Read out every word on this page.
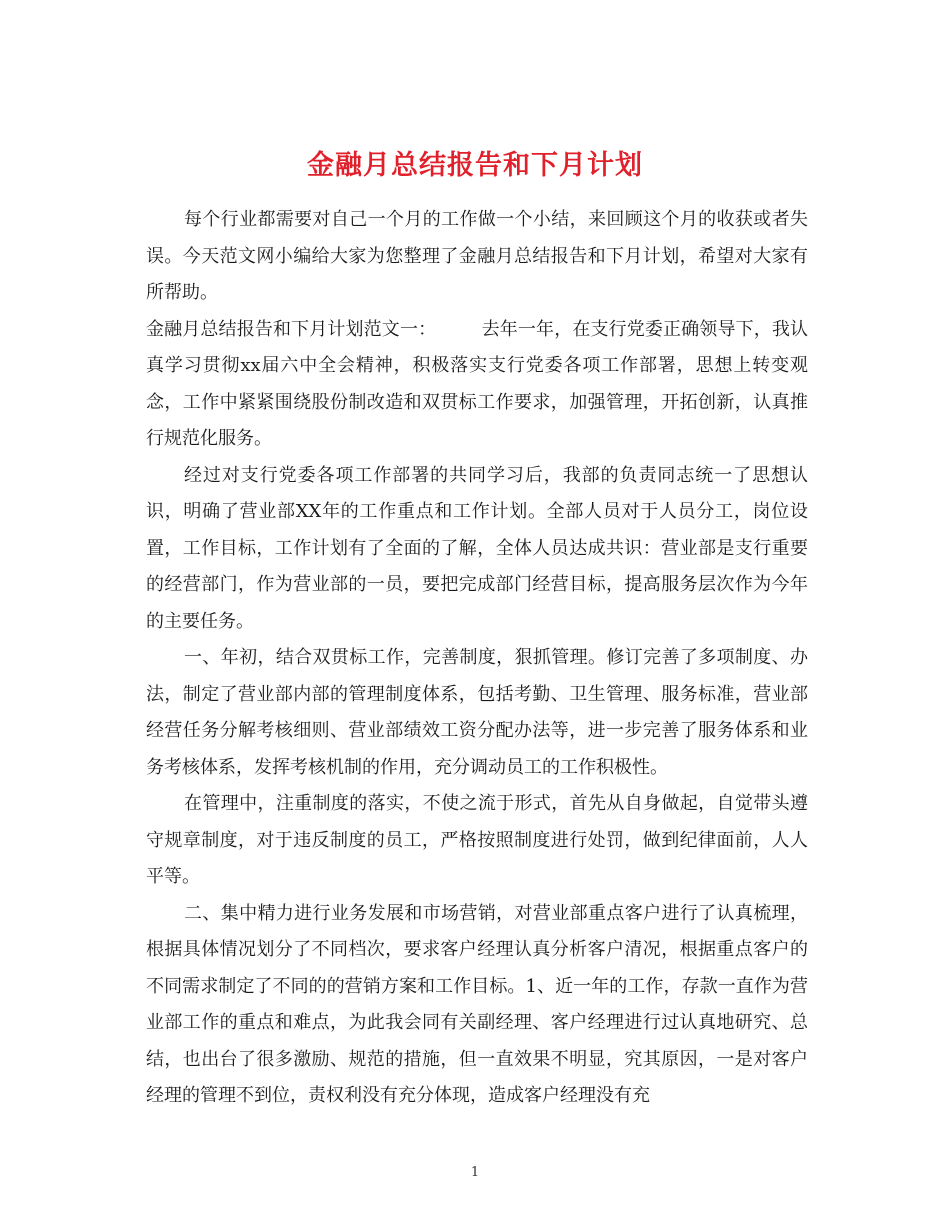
金融月总结报告和下月计划

每个行业都需要对自己一个月的工作做一个小结，来回顾这个月的收获或者失误。今天范文网小编给大家为您整理了金融月总结报告和下月计划，希望对大家有所帮助。

金融月总结报告和下月计划范文一：　　　去年一年，在支行党委正确领导下，我认真学习贯彻xx届六中全会精神，积极落实支行党委各项工作部署，思想上转变观念，工作中紧紧围绕股份制改造和双贯标工作要求，加强管理，开拓创新，认真推行规范化服务。

经过对支行党委各项工作部署的共同学习后，我部的负责同志统一了思想认识，明确了营业部XX年的工作重点和工作计划。全部人员对于人员分工，岗位设置，工作目标，工作计划有了全面的了解，全体人员达成共识：营业部是支行重要的经营部门，作为营业部的一员，要把完成部门经营目标，提高服务层次作为今年的主要任务。

一、年初，结合双贯标工作，完善制度，狠抓管理。修订完善了多项制度、办法，制定了营业部内部的管理制度体系，包括考勤、卫生管理、服务标准，营业部经营任务分解考核细则、营业部绩效工资分配办法等，进一步完善了服务体系和业务考核体系，发挥考核机制的作用，充分调动员工的工作积极性。

在管理中，注重制度的落实，不使之流于形式，首先从自身做起，自觉带头遵守规章制度，对于违反制度的员工，严格按照制度进行处罚，做到纪律面前，人人平等。

二、集中精力进行业务发展和市场营销，对营业部重点客户进行了认真梳理，根据具体情况划分了不同档次，要求客户经理认真分析客户清况，根据重点客户的不同需求制定了不同的的营销方案和工作目标。1、近一年的工作，存款一直作为营业部工作的重点和难点，为此我会同有关副经理、客户经理进行过认真地研究、总结，也出台了很多激励、规范的措施，但一直效果不明显，究其原因，一是对客户经理的管理不到位，责权利没有充分体现，造成客户经理没有充

1
